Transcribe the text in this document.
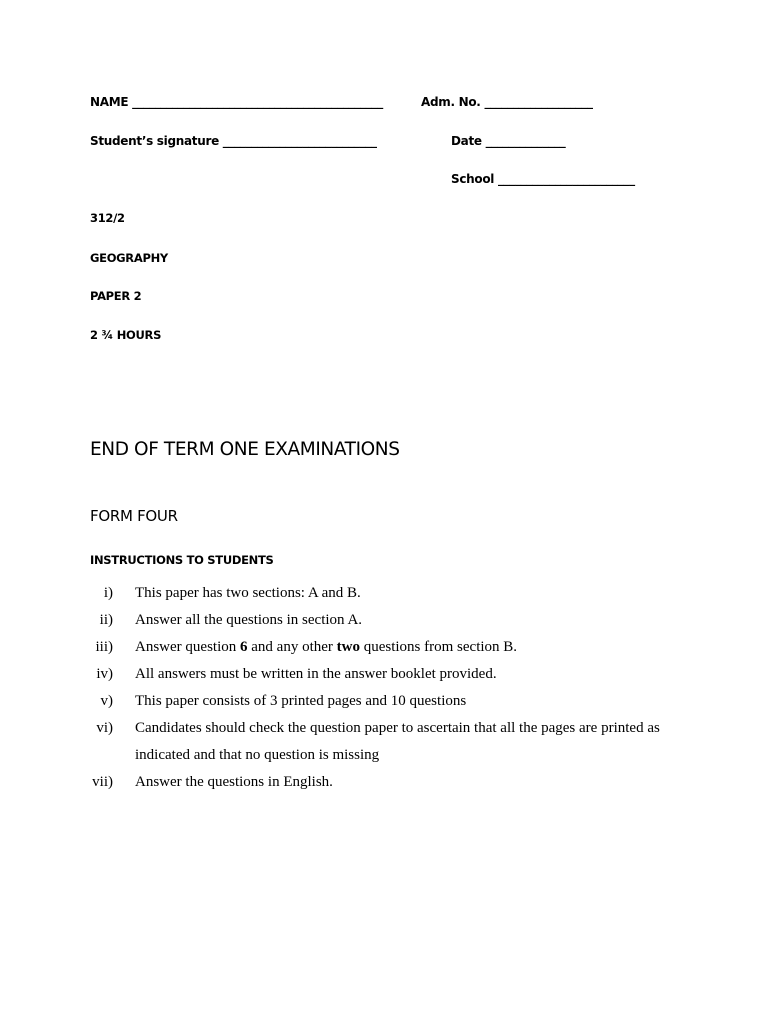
NAME ____________________________________________	Adm. No. ___________________
Student’s signature ___________________________	Date ______________
School ________________________
312/2
GEOGRAPHY
PAPER 2
2 ¾ HOURS
END OF TERM ONE EXAMINATIONS
FORM FOUR
INSTRUCTIONS TO STUDENTS
i) This paper has two sections: A and B.
ii) Answer all the questions in section A.
iii) Answer question 6 and any other two questions from section B.
iv) All answers must be written in the answer booklet provided.
v) This paper consists of 3 printed pages and 10 questions
vi) Candidates should check the question paper to ascertain that all the pages are printed as indicated and that no question is missing
vii) Answer the questions in English.
